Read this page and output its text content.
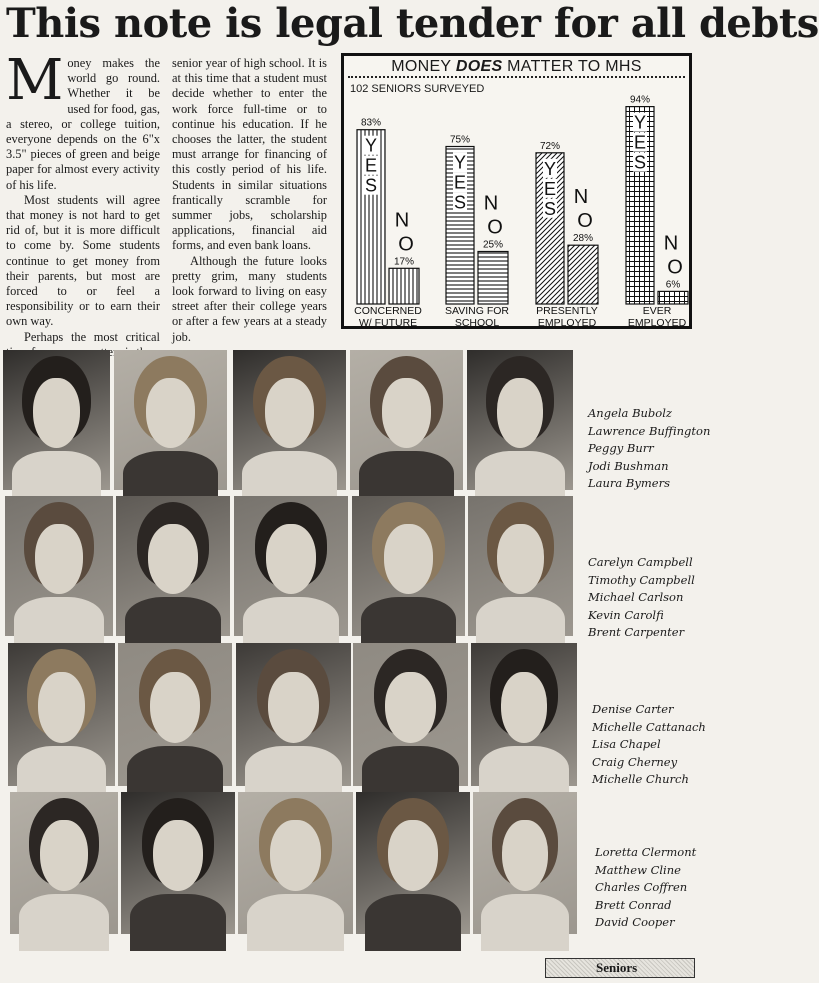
This note is legal tender for all debts

Money makes the world go round. Whether it be used for food, gas, a stereo, or college tuition, everyone depends on the 6"x 3.5" pieces of green and beige paper for almost every activity of his life.

Most students will agree that money is not hard to get rid of, but it is more difficult to come by. Some students continue to get money from their parents, but most are forced to or feel a responsibility or to earn their own way.

Perhaps the most critical

senior year of high school. It is at this time that a student must decide whether to enter the work force full-time or to continue his education. If he chooses the latter, the student must arrange for financing of this costly period of his life. Students in similar situations frantically scramble for summer jobs, scholarship applications, financial aid forms, and even bank loans.

Although the future looks pretty grim, many students look forward to living on easy street after their college years or after a few years at a steady job.

MONEY DOES MATTER TO MHS
102 SENIORS SURVEYED
83%
Y
E
S
17%
N
O
CONCERNED
W/ FUTURE
75%
Y
E
S
25%
N
O
SAVING FOR
SCHOOL
72%
Y
E
S
28%
N
O
PRESENTLY
EMPLOYED
94%
Y
E
S
6%
N
O
EVER
EMPLOYED
Angela Bubolz
Lawrence Buffington
Peggy Burr
Jodi Bushman
Laura Bymers
Carelyn Campbell
Timothy Campbell
Michael Carlson
Kevin Carolfi
Brent Carpenter
Denise Carter
Michelle Cattanach
Lisa Chapel
Craig Cherney
Michelle Church
Loretta Clermont
Matthew Cline
Charles Coffren
Brett Conrad
David Cooper
Seniors
